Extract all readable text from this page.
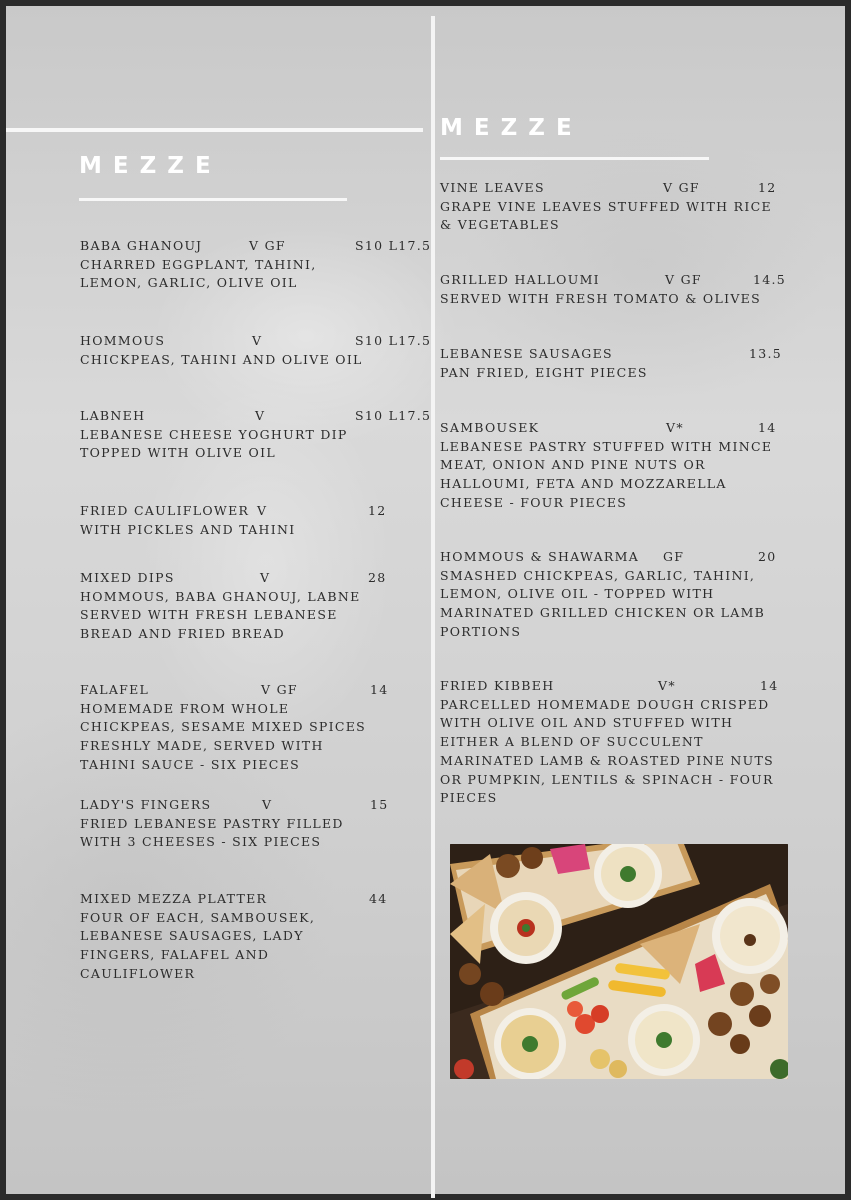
MEZZE
BABA GHANOUJ	V GF	S10 L17.5
CHARRED EGGPLANT, TAHINI,
LEMON, GARLIC, OLIVE OIL
HOMMOUS	V	S10 L17.5
CHICKPEAS, TAHINI AND OLIVE OIL
LABNEH	V	S10 L17.5
LEBANESE CHEESE YOGHURT DIP
TOPPED WITH OLIVE OIL
FRIED CAULIFLOWER V	12
WITH PICKLES AND TAHINI
MIXED DIPS	V	28
HOMMOUS, BABA GHANOUJ, LABNE
SERVED WITH FRESH LEBANESE
BREAD AND FRIED BREAD
FALAFEL	V GF	14
HOMEMADE FROM WHOLE
CHICKPEAS, SESAME MIXED SPICES
FRESHLY MADE, SERVED WITH
TAHINI SAUCE - SIX PIECES
LADY'S FINGERS	V	15
FRIED LEBANESE PASTRY FILLED
WITH 3 CHEESES - SIX PIECES
MIXED MEZZA PLATTER	44
FOUR OF EACH, SAMBOUSEK,
LEBANESE SAUSAGES, LADY
FINGERS, FALAFEL AND
CAULIFLOWER
MEZZE
VINE LEAVES	V GF	12
GRAPE VINE LEAVES STUFFED WITH RICE
& VEGETABLES
GRILLED HALLOUMI	V GF	14.5
SERVED WITH FRESH TOMATO & OLIVES
LEBANESE SAUSAGES	13.5
PAN FRIED, EIGHT PIECES
SAMBOUSEK	V*	14
LEBANESE PASTRY STUFFED WITH MINCE
MEAT, ONION AND PINE NUTS OR
HALLOUMI, FETA AND MOZZARELLA
CHEESE - FOUR PIECES
HOMMOUS & SHAWARMA GF	20
SMASHED CHICKPEAS, GARLIC, TAHINI,
LEMON, OLIVE OIL - TOPPED WITH
MARINATED GRILLED CHICKEN OR LAMB
PORTIONS
FRIED KIBBEH	V*	14
PARCELLED HOMEMADE DOUGH CRISPED
WITH OLIVE OIL AND STUFFED WITH
EITHER A BLEND OF SUCCULENT
MARINATED LAMB & ROASTED PINE NUTS
OR PUMPKIN, LENTILS & SPINACH - FOUR
PIECES
